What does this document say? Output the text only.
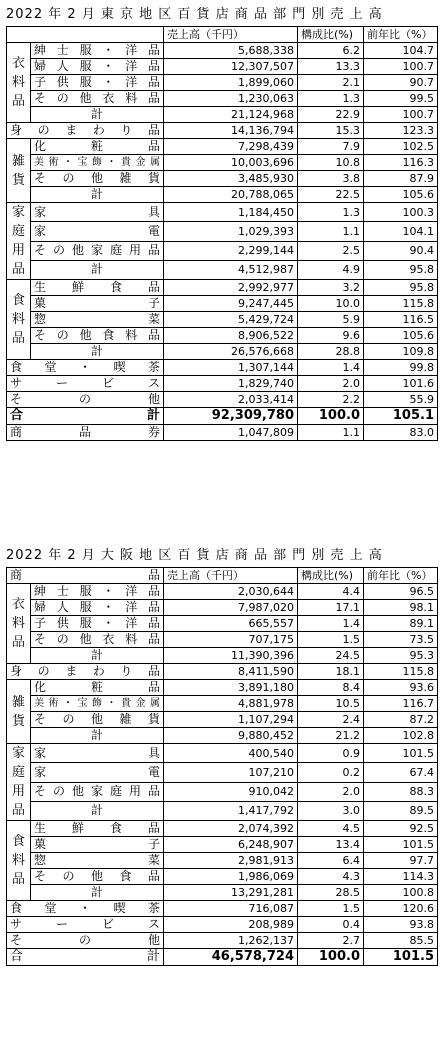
2022 年 2 月 東 京 地 区 百 貨 店 商 品 部 門 別 売 上 高
		売上高（千円）	構成比(%)	前年比（%）
衣料品	紳士服・洋品	5,688,338	6.2	104.7
	婦人服・洋品	12,307,507	13.3	100.7
	子供服・洋品	1,899,060	2.1	90.7
	その他衣料品	1,230,063	1.3	99.5
	計	21,124,968	22.9	100.7
身のまわり品		14,136,794	15.3	123.3
雑貨	化粧品	7,298,439	7.9	102.5
	美術・宝飾・貴金属	10,003,696	10.8	116.3
	その他雑貨	3,485,930	3.8	87.9
	計	20,788,065	22.5	105.6
家庭用品	家具	1,184,450	1.3	100.3
	家電	1,029,393	1.1	104.1
	その他家庭用品	2,299,144	2.5	90.4
	計	4,512,987	4.9	95.8
食料品	生鮮食品	2,992,977	3.2	95.8
	菓子	9,247,445	10.0	115.8
	惣菜	5,429,724	5.9	116.5
	その他食料品	8,906,522	9.6	105.6
	計	26,576,668	28.8	109.8
食堂・喫茶		1,307,144	1.4	99.8
サービス		1,829,740	2.0	101.6
その他		2,033,414	2.2	55.9
合計		92,309,780	100.0	105.1
商品券		1,047,809	1.1	83.0
2022 年 2 月 大 阪 地 区 百 貨 店 商 品 部 門 別 売 上 高
商品		売上高（千円）	構成比(%)	前年比（%）
衣料品	紳士服・洋品	2,030,644	4.4	96.5
	婦人服・洋品	7,987,020	17.1	98.1
	子供服・洋品	665,557	1.4	89.1
	その他衣料品	707,175	1.5	73.5
	計	11,390,396	24.5	95.3
身のまわり品		8,411,590	18.1	115.8
雑貨	化粧品	3,891,180	8.4	93.6
	美術・宝飾・貴金属	4,881,978	10.5	116.7
	その他雑貨	1,107,294	2.4	87.2
	計	9,880,452	21.2	102.8
家庭用品	家具	400,540	0.9	101.5
	家電	107,210	0.2	67.4
	その他家庭用品	910,042	2.0	88.3
	計	1,417,792	3.0	89.5
食料品	生鮮食品	2,074,392	4.5	92.5
	菓子	6,248,907	13.4	101.5
	惣菜	2,981,913	6.4	97.7
	その他食品	1,986,069	4.3	114.3
	計	13,291,281	28.5	100.8
食堂・喫茶		716,087	1.5	120.6
サービス		208,989	0.4	93.8
その他		1,262,137	2.7	85.5
合計		46,578,724	100.0	101.5
